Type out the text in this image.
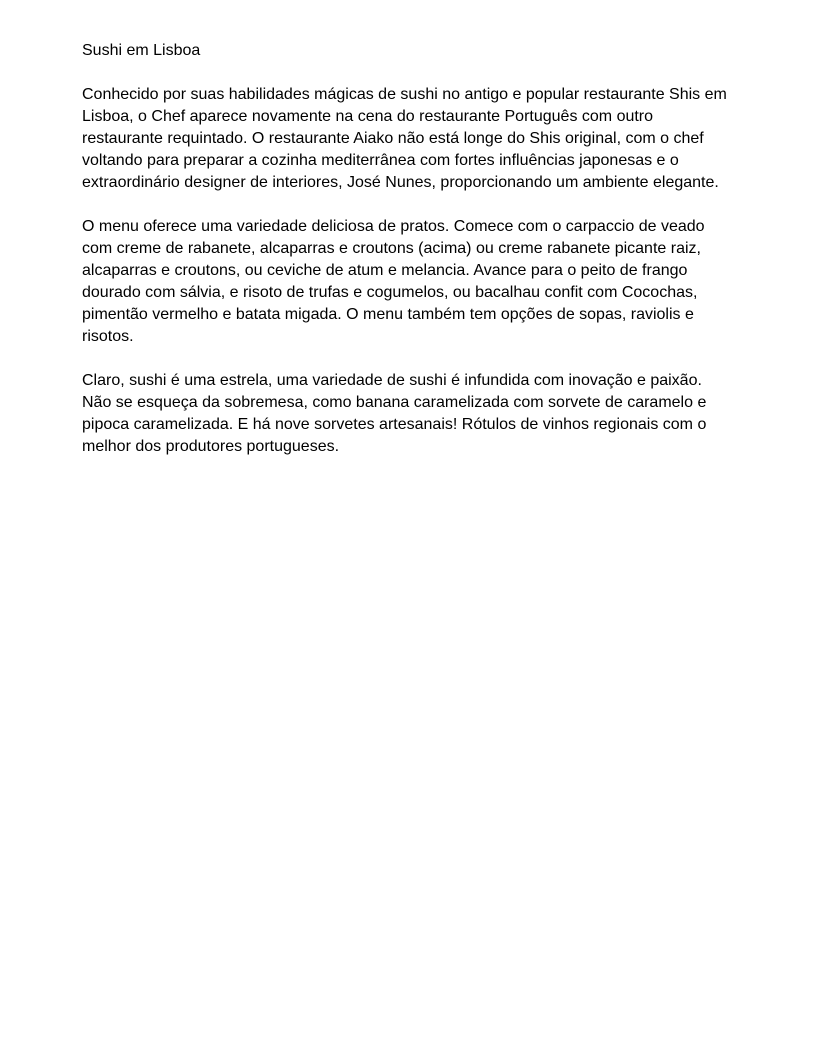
Sushi em Lisboa

Conhecido por suas habilidades mágicas de sushi no antigo e popular restaurante Shis em Lisboa, o Chef aparece novamente na cena do restaurante Português com outro restaurante requintado. O restaurante Aiako não está longe do Shis original, com o chef voltando para preparar a cozinha mediterrânea com fortes influências japonesas e o extraordinário designer de interiores, José Nunes, proporcionando um ambiente elegante.

O menu oferece uma variedade deliciosa de pratos. Comece com o carpaccio de veado com creme de rabanete, alcaparras e croutons (acima) ou creme rabanete picante raiz, alcaparras e croutons, ou ceviche de atum e melancia. Avance para o peito de frango dourado com sálvia, e risoto de trufas e cogumelos, ou bacalhau confit com Cocochas, pimentão vermelho e batata migada. O menu também tem opções de sopas, raviolis e risotos.

Claro, sushi é uma estrela, uma variedade de sushi é infundida com inovação e paixão. Não se esqueça da sobremesa, como banana caramelizada com sorvete de caramelo e pipoca caramelizada. E há nove sorvetes artesanais! Rótulos de vinhos regionais com o melhor dos produtores portugueses.
